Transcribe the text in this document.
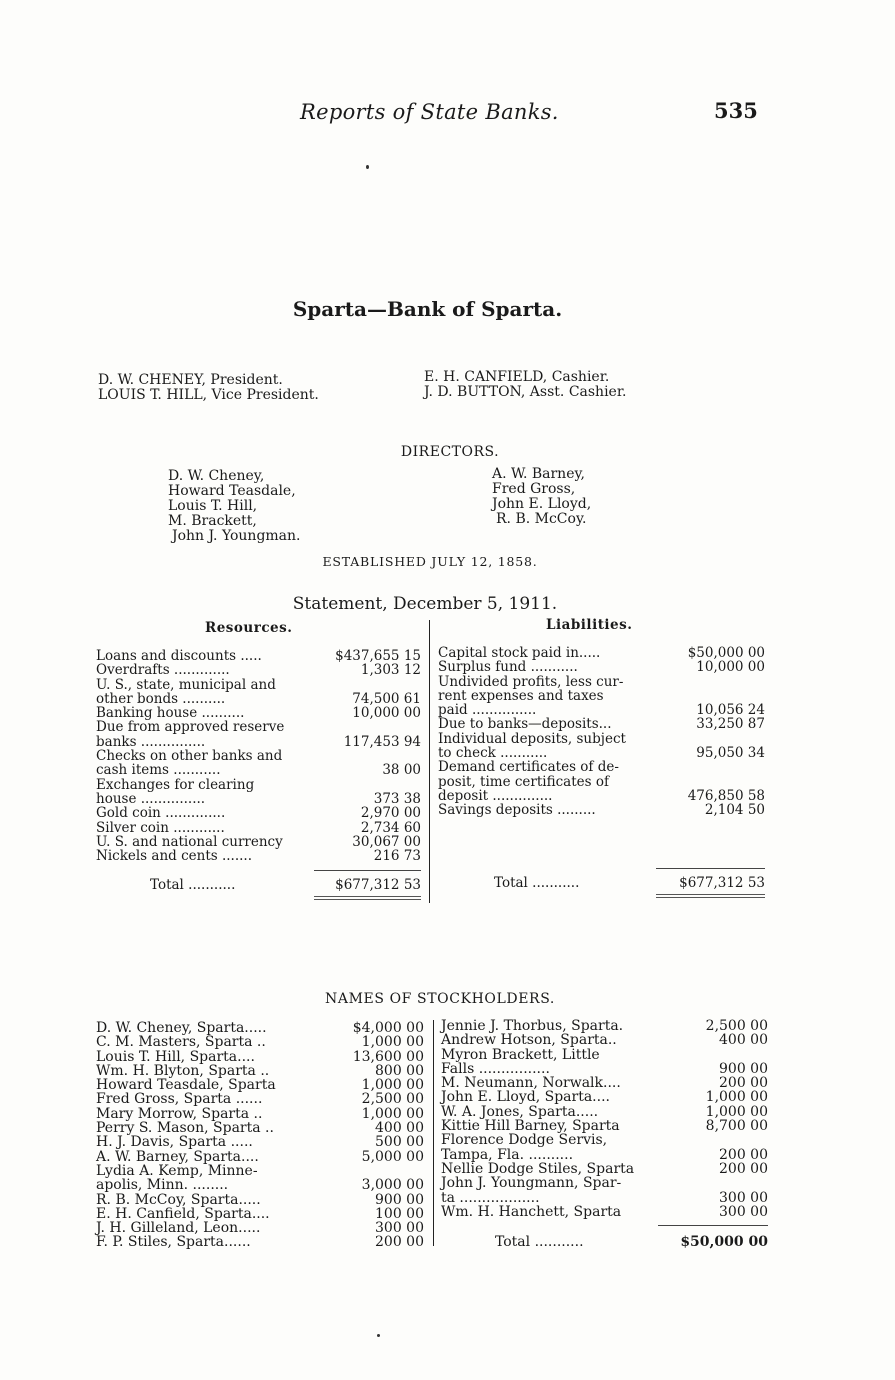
Reports of State Banks.	535
Sparta—Bank of Sparta.
D. W. CHENEY, President.
LOUIS T. HILL, Vice President.
E. H. CANFIELD, Cashier.
J. D. BUTTON, Asst. Cashier.
DIRECTORS.
D. W. Cheney,
Howard Teasdale,
Louis T. Hill,
M. Brackett,
John J. Youngman.
A. W. Barney,
Fred Gross,
John E. Lloyd,
R. B. McCoy.
ESTABLISHED JULY 12, 1858.
Statement, December 5, 1911.
Resources.	Liabilities.
Loans and discounts .....	$437,655 15
Overdrafts .............	1,303 12
U. S., state, municipal and
other bonds ..........	74,500 61
Banking house ..........	10,000 00
Due from approved reserve
banks ...............	117,453 94
Checks on other banks and
cash items ...........	38 00
Exchanges for clearing
house ...............	373 38
Gold coin ..............	2,970 00
Silver coin ............	2,734 60
U. S. and national currency	30,067 00
Nickels and cents .......	216 73
Total ...........	$677,312 53
Capital stock paid in.....	$50,000 00
Surplus fund ...........	10,000 00
Undivided profits, less cur-
rent expenses and taxes
paid ...............	10,056 24
Due to banks—deposits...	33,250 87
Individual deposits, subject
to check ...........	95,050 34
Demand certificates of de-
posit, time certificates of
deposit ..............	476,850 58
Savings deposits .........	2,104 50
Total ...........	$677,312 53
NAMES OF STOCKHOLDERS.
D. W. Cheney, Sparta.....	$4,000 00
C. M. Masters, Sparta ..	1,000 00
Louis T. Hill, Sparta....	13,600 00
Wm. H. Blyton, Sparta ..	800 00
Howard Teasdale, Sparta	1,000 00
Fred Gross, Sparta ......	2,500 00
Mary Morrow, Sparta ..	1,000 00
Perry S. Mason, Sparta ..	400 00
H. J. Davis, Sparta .....	500 00
A. W. Barney, Sparta....	5,000 00
Lydia A. Kemp, Minne-
apolis, Minn. ........	3,000 00
R. B. McCoy, Sparta.....	900 00
E. H. Canfield, Sparta....	100 00
J. H. Gilleland, Leon.....	300 00
F. P. Stiles, Sparta......	200 00
Jennie J. Thorbus, Sparta.	2,500 00
Andrew Hotson, Sparta..	400 00
Myron Brackett, Little
Falls ................	900 00
M. Neumann, Norwalk....	200 00
John E. Lloyd, Sparta....	1,000 00
W. A. Jones, Sparta.....	1,000 00
Kittie Hill Barney, Sparta	8,700 00
Florence Dodge Servis,
Tampa, Fla. ..........	200 00
Nellie Dodge Stiles, Sparta	200 00
John J. Youngmann, Spar-
ta ..................	300 00
Wm. H. Hanchett, Sparta	300 00
Total ...........	$50,000 00
